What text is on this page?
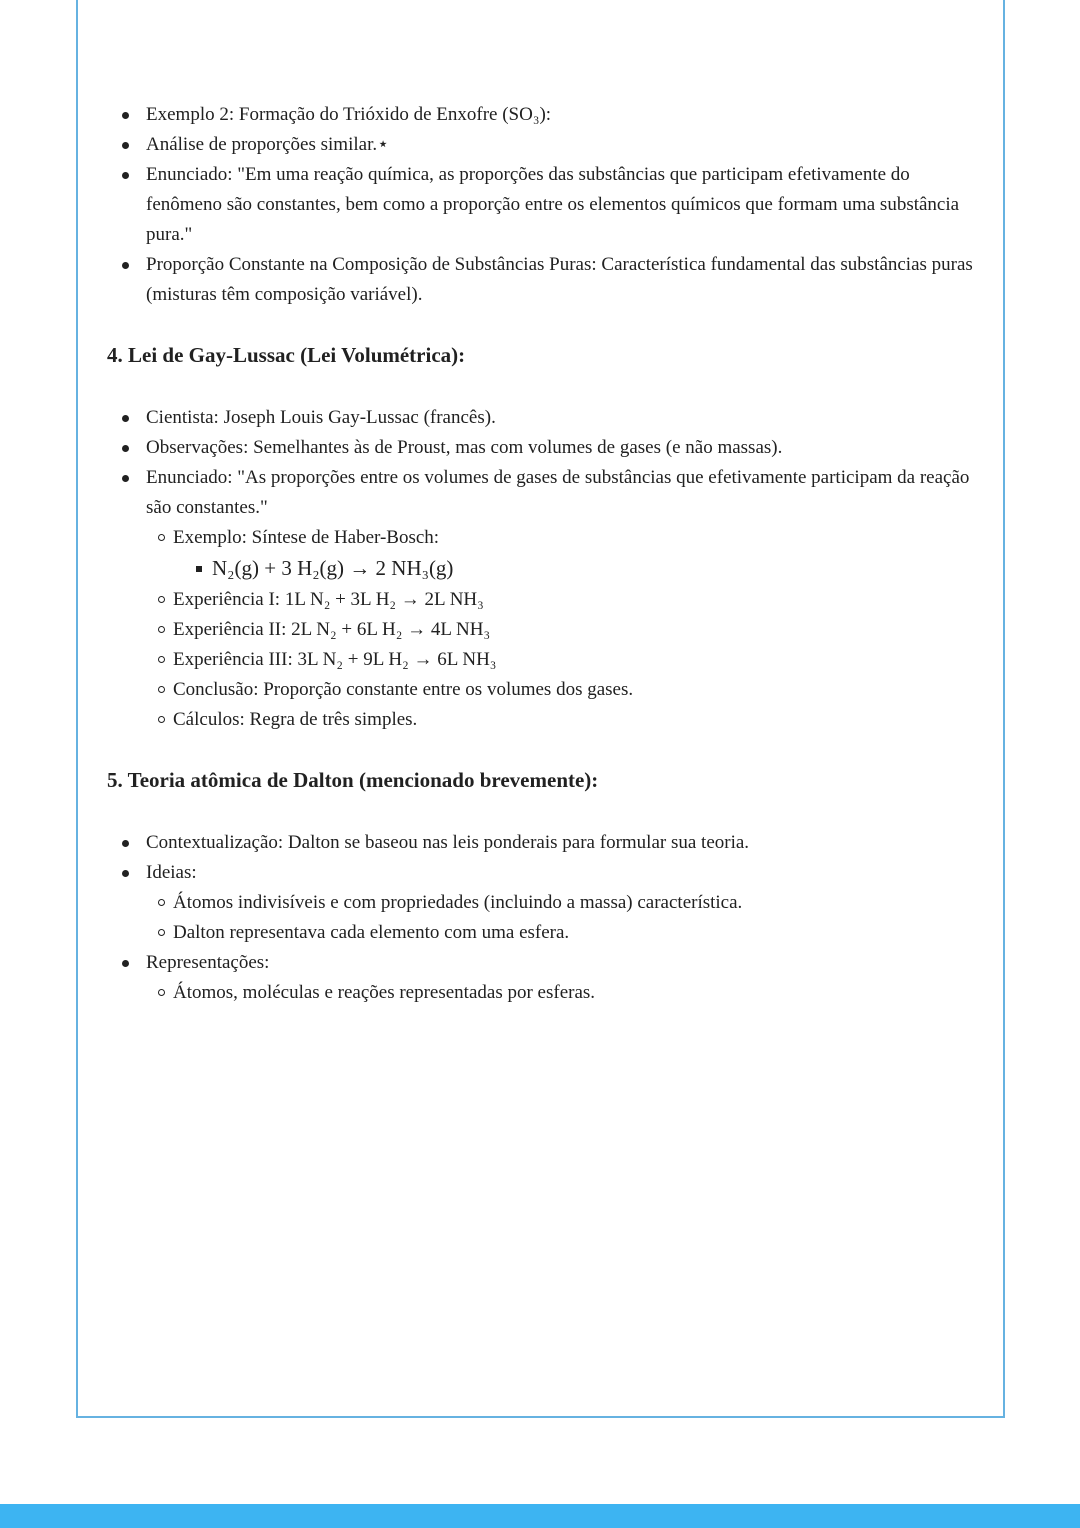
Exemplo 2: Formação do Trióxido de Enxofre (SO₃):
Análise de proporções similar.⋆
Enunciado: "Em uma reação química, as proporções das substâncias que participam efetivamente do fenômeno são constantes, bem como a proporção entre os elementos químicos que formam uma substância pura."
Proporção Constante na Composição de Substâncias Puras: Característica fundamental das substâncias puras (misturas têm composição variável).
4. Lei de Gay-Lussac (Lei Volumétrica):
Cientista: Joseph Louis Gay-Lussac (francês).
Observações: Semelhantes às de Proust, mas com volumes de gases (e não massas).
Enunciado: "As proporções entre os volumes de gases de substâncias que efetivamente participam da reação são constantes."
Exemplo: Síntese de Haber-Bosch:
N₂(g) + 3 H₂(g) → 2 NH₃(g)
Experiência I: 1L N₂ + 3L H₂ → 2L NH₃
Experiência II: 2L N₂ + 6L H₂ → 4L NH₃
Experiência III: 3L N₂ + 9L H₂ → 6L NH₃
Conclusão: Proporção constante entre os volumes dos gases.
Cálculos: Regra de três simples.
5. Teoria atômica de Dalton (mencionado brevemente):
Contextualização: Dalton se baseou nas leis ponderais para formular sua teoria.
Ideias:
Átomos indivisíveis e com propriedades (incluindo a massa) característica.
Dalton representava cada elemento com uma esfera.
Representações:
Átomos, moléculas e reações representadas por esferas.
